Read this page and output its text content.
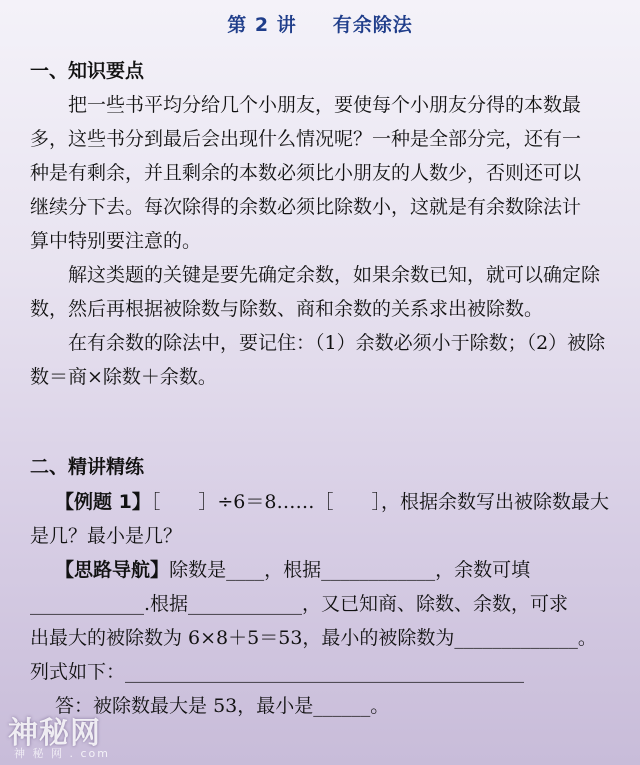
第 2 讲 有余除法
一、知识要点
　　把一些书平均分给几个小朋友，要使每个小朋友分得的本数最
多，这些书分到最后会出现什么情况呢？一种是全部分完，还有一
种是有剩余，并且剩余的本数必须比小朋友的人数少，否则还可以
继续分下去。每次除得的余数必须比除数小，这就是有余数除法计
算中特别要注意的。
　　解这类题的关键是要先确定余数，如果余数已知，就可以确定除
数，然后再根据被除数与除数、商和余数的关系求出被除数。
　　在有余数的除法中，要记住：（1）余数必须小于除数；（2）被除
数＝商×除数＋余数。
二、精讲精练
　 【例题 1】［　　］÷6＝8……［　　］，根据余数写出被除数最大
是几？最小是几？
　 【思路导航】除数是____，根据____________，余数可填
____________.根据____________，又已知商、除数、余数，可求
出最大的被除数为 6×8＋5＝53，最小的被除数为_____________。
列式如下：__________________________________________
　 答：被除数最大是 53，最小是______。
神秘网
神 秘 网 . com
